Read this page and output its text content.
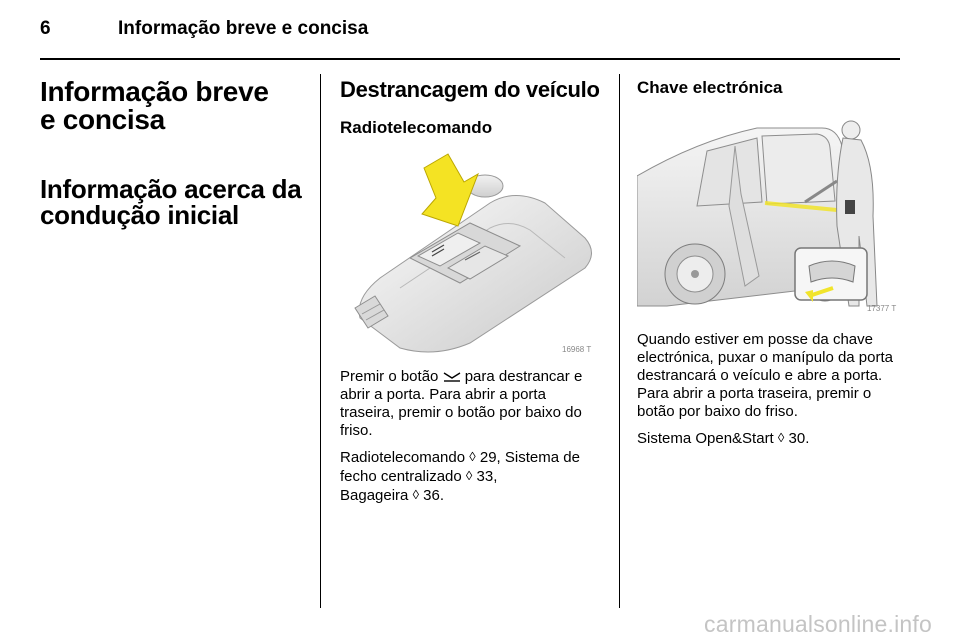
6	Informação breve e concisa
Informação breve
e concisa
Informação acerca da
condução inicial
Destrancagem do veículo
Radiotelecomando
16968 T

Premir o botão  para destrancar e abrir a porta. Para abrir a porta traseira, premir o botão por baixo do friso.

Radiotelecomando ◊ 29, Sistema de fecho centralizado ◊ 33,
Bagageira ◊ 36.

Chave electrónica
17377 T

Quando estiver em posse da chave electrónica, puxar o manípulo da porta destrancará o veículo e abre a porta. Para abrir a porta traseira, premir o botão por baixo do friso.

Sistema Open&Start ◊ 30.

carmanualsonline.info
